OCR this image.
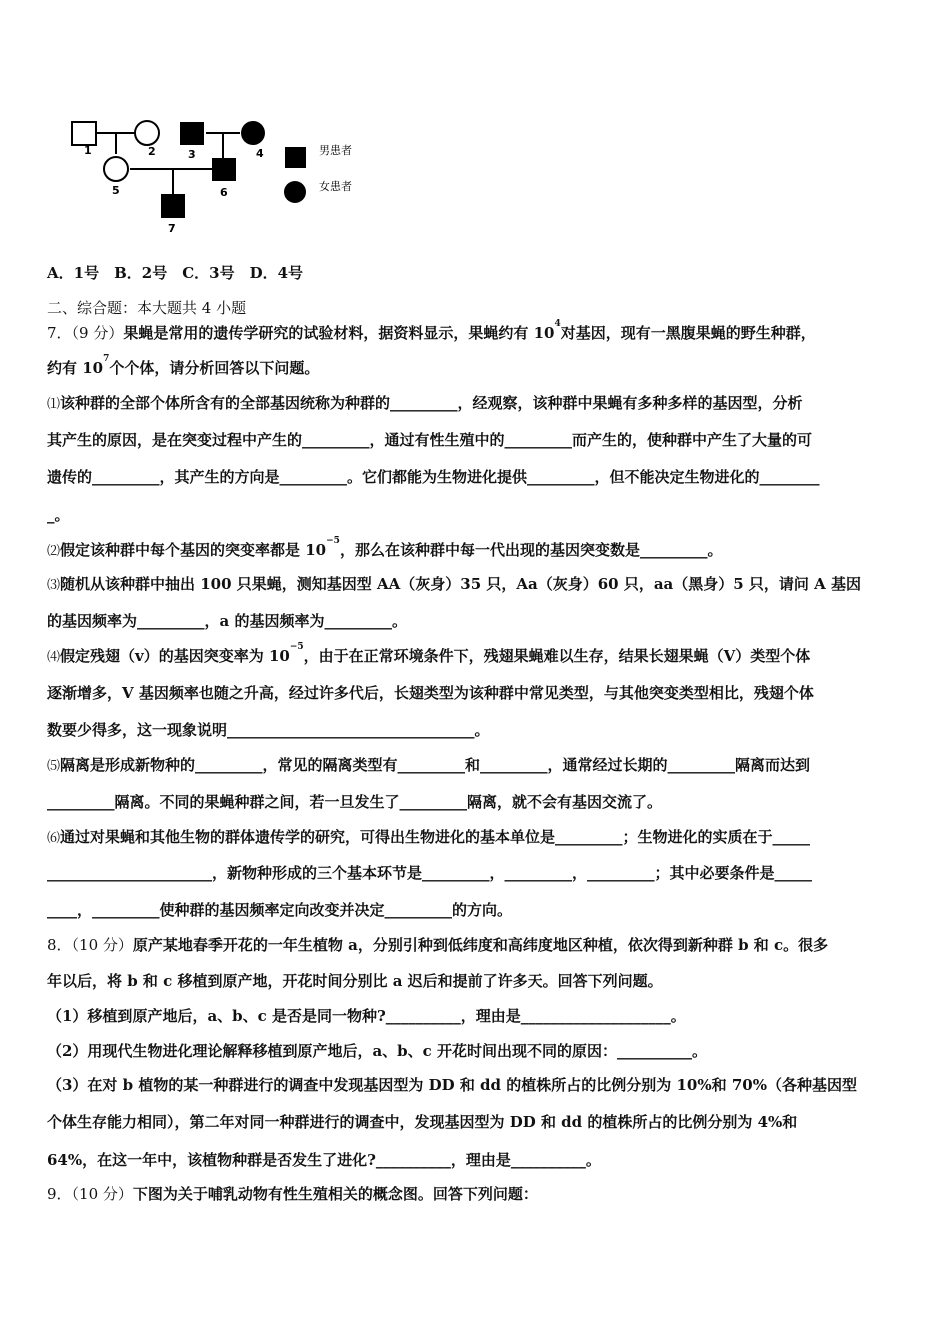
1	2	3	4
5	6
7
男患者
女患者
A．1号　B．2号　C．3号　D．4号
二、综合题：本大题共 4 小题
7．（9 分）果蝇是常用的遗传学研究的试验材料，据资料显示，果蝇约有 $10^4$对基因，现有一黑腹果蝇的野生种群，
约有 $10^7$个个体，请分析回答以下问题。
⑴该种群的全部个体所含有的全部基因统称为种群的_________，经观察，该种群中果蝇有多种多样的基因型，分析
其产生的原因，是在突变过程中产生的_________，通过有性生殖中的_________而产生的，使种群中产生了大量的可
遗传的_________，其产生的方向是_________。它们都能为生物进化提供_________，但不能决定生物进化的________
_。
⑵假定该种群中每个基因的突变率都是 $10^{-5}$，那么在该种群中每一代出现的基因突变数是_________。
⑶随机从该种群中抽出 100 只果蝇，测知基因型 AA（灰身）35 只，Aa（灰身）60 只，aa（黑身）5 只，请问 A 基因
的基因频率为_________，a 的基因频率为_________。
⑷假定残翅（v）的基因突变率为 $10^{-5}$，由于在正常环境条件下，残翅果蝇难以生存，结果长翅果蝇（V）类型个体
逐渐增多，V 基因频率也随之升高，经过许多代后，长翅类型为该种群中常见类型，与其他突变类型相比，残翅个体
数要少得多，这一现象说明_________________________________。
⑸隔离是形成新物种的_________，常见的隔离类型有_________和_________，通常经过长期的_________隔离而达到
_________隔离。不同的果蝇种群之间，若一旦发生了_________隔离，就不会有基因交流了。
⑹通过对果蝇和其他生物的群体遗传学的研究，可得出生物进化的基本单位是_________；生物进化的实质在于_____
______________________，新物种形成的三个基本环节是_________，_________，_________；其中必要条件是_____
____，_________使种群的基因频率定向改变并决定_________的方向。
8．（10 分）原产某地春季开花的一年生植物 a，分别引种到低纬度和高纬度地区种植，依次得到新种群 b 和 c。很多
年以后，将 b 和 c 移植到原产地，开花时间分别比 a 迟后和提前了许多天。回答下列问题。
（1）移植到原产地后，a、b、c 是否是同一物种?__________，理由是____________________。
（2）用现代生物进化理论解释移植到原产地后，a、b、c 开花时间出现不同的原因：__________。
（3）在对 b 植物的某一种群进行的调查中发现基因型为 DD 和 dd 的植株所占的比例分别为 10%和 70%（各种基因型
个体生存能力相同），第二年对同一种群进行的调查中，发现基因型为 DD 和 dd 的植株所占的比例分别为 4%和
64%，在这一年中，该植物种群是否发生了进化?__________，理由是__________。
9．（10 分）下图为关于哺乳动物有性生殖相关的概念图。回答下列问题：
